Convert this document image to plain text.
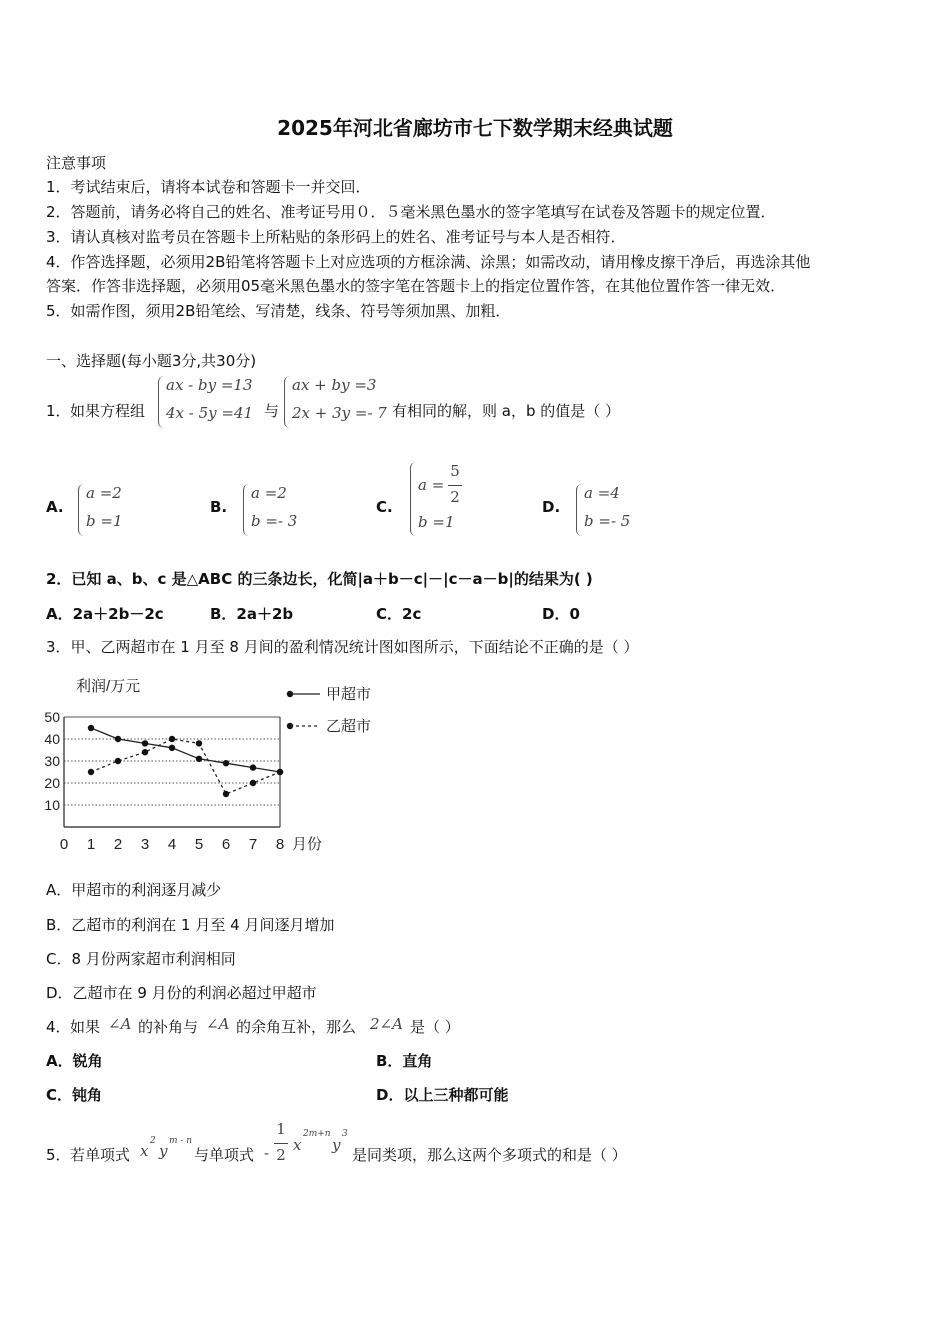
2025年河北省廊坊市七下数学期末经典试题
注意事项
1．考试结束后，请将本试卷和答题卡一并交回．
2．答题前，请务必将自己的姓名、准考证号用０．５毫米黑色墨水的签字笔填写在试卷及答题卡的规定位置．
3．请认真核对监考员在答题卡上所粘贴的条形码上的姓名、准考证号与本人是否相符．
4．作答选择题，必须用2B铅笔将答题卡上对应选项的方框涂满、涂黑；如需改动，请用橡皮擦干净后，再选涂其他
答案．作答非选择题，必须用05毫米黑色墨水的签字笔在答题卡上的指定位置作答，在其他位置作答一律无效．
5．如需作图，须用2B铅笔绘、写清楚，线条、符号等须加黑、加粗．
一、选择题(每小题3分,共30分)
1． 如果方程组
ax - by =13
4x - 5y =41 与
ax + by =3
2x + 3y =- 7 有相同的解，则 a，b 的值是（ ）
A.
a =2
b =1
B.
a =2
b =- 3
C.
a =
5
2
b =1
D.
a =4
b =- 5
2．已知 a、b、c 是△ABC 的三条边长，化简|a＋b－c|－|c－a－b|的结果为( )
A．2a＋2b－2c	B．2a＋2b	C．2c	D．0
3．甲、乙两超市在 1 月至 8 月间的盈利情况统计图如图所示，下面结论不正确的是（ ）
10
20
30
40
50
0 1 2 3 4 5 6 7 8 月份
利润/万元	甲超市
乙超市
A．甲超市的利润逐月减少
B．乙超市的利润在 1 月至 4 月间逐月增加
C．8 月份两家超市利润相同
D．乙超市在 9 月份的利润必超过甲超市
4． 如果 ∠A 的补角与 ∠A 的余角互补，那么 2∠A 是（ ）
A．锐角	B．直角
C．钝角	D．以上三种都可能
5． 若单项式 x
2
y
m - n
与单项式 -
1
2
x
2m+n
y
3
是同类项，那么这两个多项式的和是（ ）
